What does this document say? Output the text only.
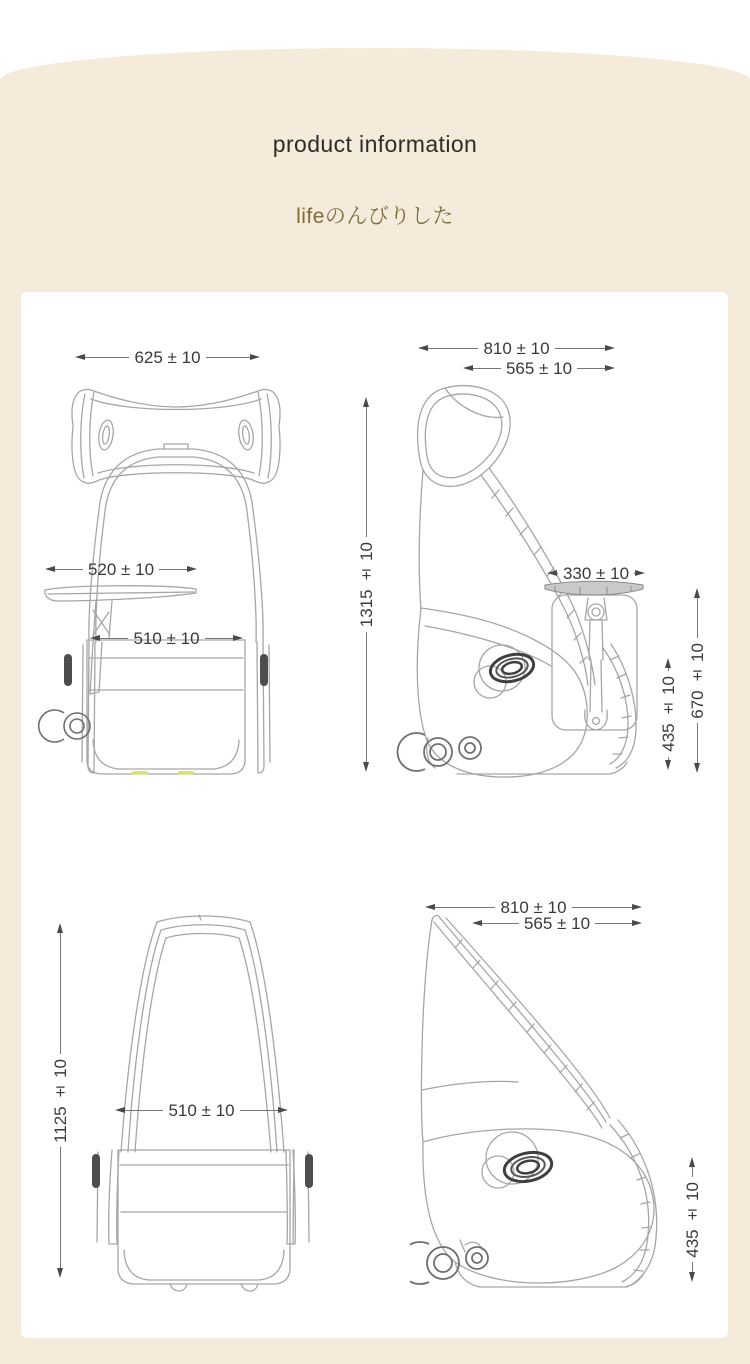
product information
lifeのんびりした
625 ± 10
520 ± 10
510 ± 10
1315 ± 10
810 ± 10
565 ± 10
330 ± 10
435 ± 10 670 ± 10
1125 ± 10	510 ± 10
810 ± 10
565 ± 10
435 ± 10
